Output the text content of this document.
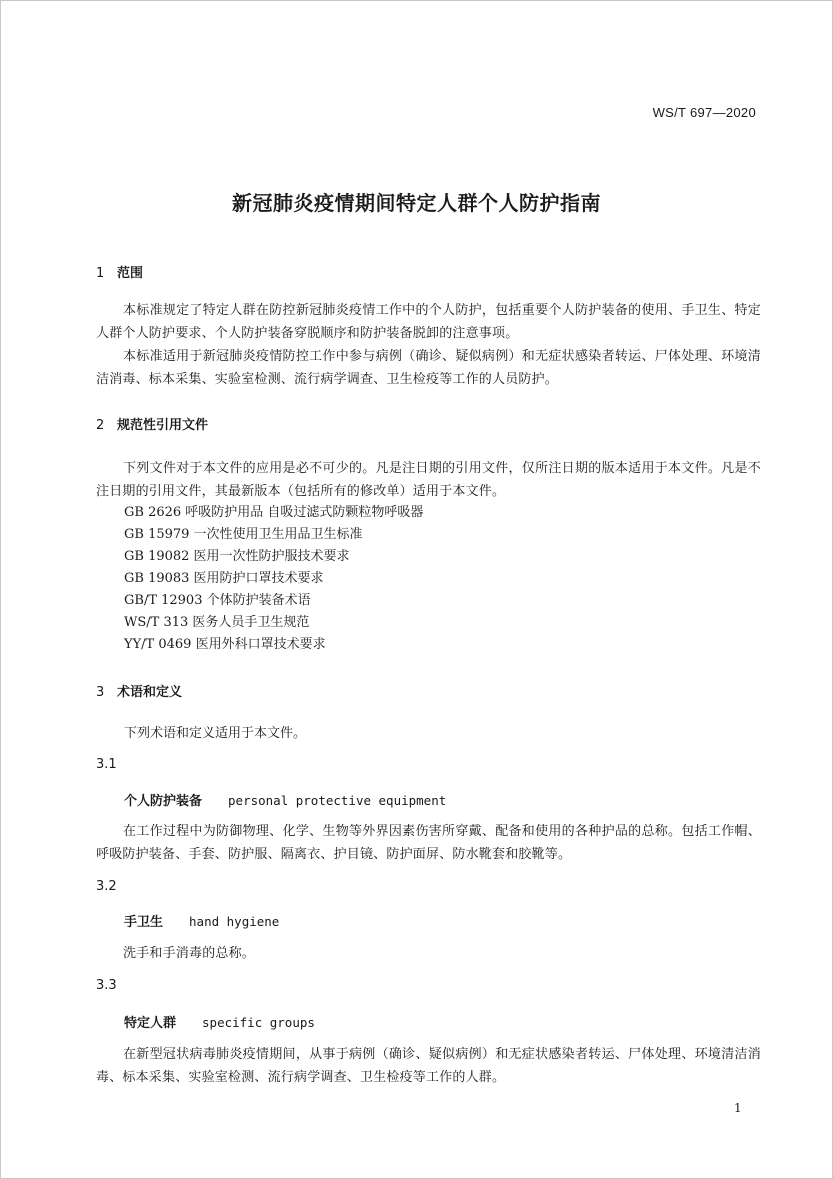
WS/T 697—2020
新冠肺炎疫情期间特定人群个人防护指南
1 范围
本标准规定了特定人群在防控新冠肺炎疫情工作中的个人防护，包括重要个人防护装备的使用、手卫生、特定人群个人防护要求、个人防护装备穿脱顺序和防护装备脱卸的注意事项。
本标准适用于新冠肺炎疫情防控工作中参与病例（确诊、疑似病例）和无症状感染者转运、尸体处理、环境清洁消毒、标本采集、实验室检测、流行病学调查、卫生检疫等工作的人员防护。
2 规范性引用文件
下列文件对于本文件的应用是必不可少的。凡是注日期的引用文件，仅所注日期的版本适用于本文件。凡是不注日期的引用文件，其最新版本（包括所有的修改单）适用于本文件。
GB 2626 呼吸防护用品 自吸过滤式防颗粒物呼吸器
GB 15979 一次性使用卫生用品卫生标准
GB 19082 医用一次性防护服技术要求
GB 19083 医用防护口罩技术要求
GB/T 12903 个体防护装备术语
WS/T 313 医务人员手卫生规范
YY/T 0469 医用外科口罩技术要求
3 术语和定义
下列术语和定义适用于本文件。
3.1
个人防护装备 personal protective equipment
在工作过程中为防御物理、化学、生物等外界因素伤害所穿戴、配备和使用的各种护品的总称。包括工作帽、呼吸防护装备、手套、防护服、隔离衣、护目镜、防护面屏、防水靴套和胶靴等。
3.2
手卫生 hand hygiene
洗手和手消毒的总称。
3.3
特定人群 specific groups
在新型冠状病毒肺炎疫情期间，从事于病例（确诊、疑似病例）和无症状感染者转运、尸体处理、环境清洁消毒、标本采集、实验室检测、流行病学调查、卫生检疫等工作的人群。
1
